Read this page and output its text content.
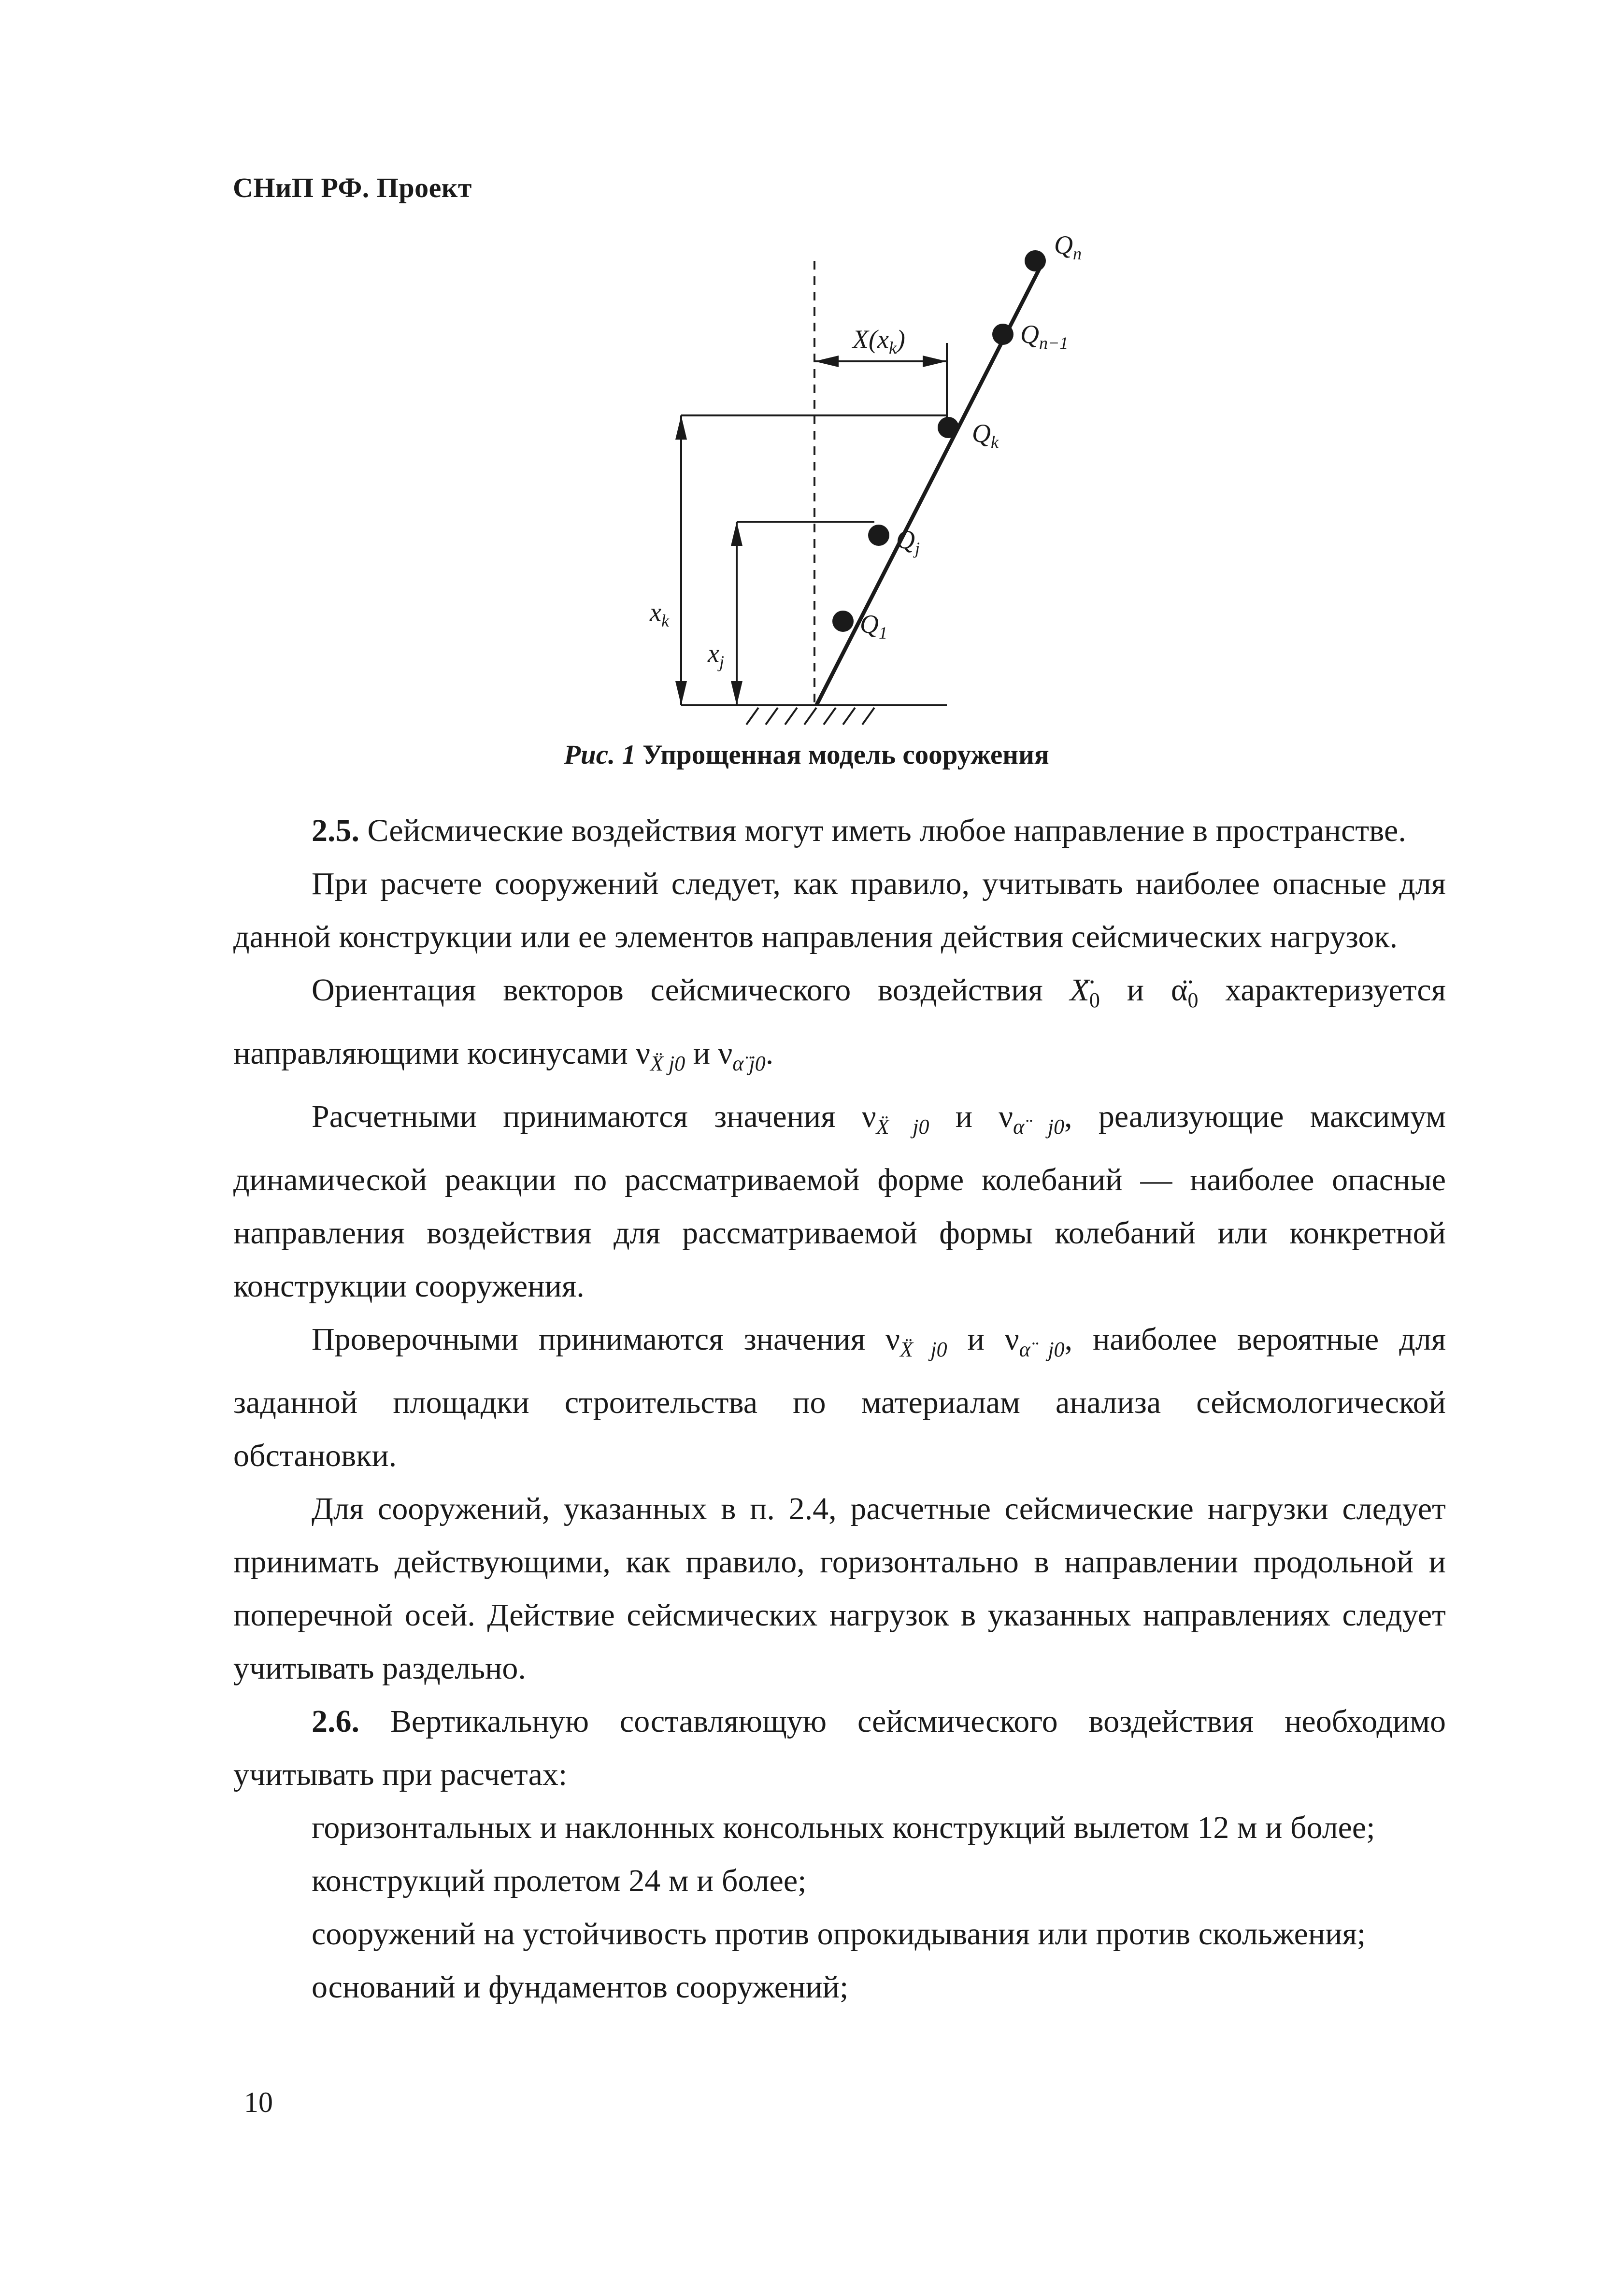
СНиП РФ. Проект
$Q_n$
$Q_{n-1}$
$Q_k$
$Q_j$
$Q_1$
$x_k$
$x_j$
$X(x_k)$
Рис. 1 Упрощенная модель сооружения

2.5. Сейсмические воздействия могут иметь любое направление в пространстве.

При расчете сооружений следует, как правило, учитывать наиболее опасные для данной конструкции или ее элементов направления действия сейсмических нагрузок.

Ориентация векторов сейсмического воздействия $X_0$ и $\alpha_0$ характеризуется направляющими косинусами $\nu_{X j0}$ и $\nu_{\alpha j0}$.

Расчетными принимаются значения $\nu_{X j0}$ и $\nu_{\alpha j0}$, реализующие максимум динамической реакции по рассматриваемой форме колебаний — наиболее опасные направления воздействия для рассматриваемой формы колебаний или конкретной конструкции сооружения.

Проверочными принимаются значения $\nu_{X j0}$ и $\nu_{\alpha j0}$, наиболее вероятные для заданной площадки строительства по материалам анализа сейсмологической обстановки.

Для сооружений, указанных в п. 2.4, расчетные сейсмические нагрузки следует принимать действующими, как правило, горизонтально в направлении продольной и поперечной осей. Действие сейсмических нагрузок в указанных направлениях следует учитывать раздельно.

2.6. Вертикальную составляющую сейсмического воздействия необходимо учитывать при расчетах:

горизонтальных и наклонных консольных конструкций вылетом 12 м и более;

конструкций пролетом 24 м и более;

сооружений на устойчивость против опрокидывания или против скольжения;

оснований и фундаментов сооружений;

10
